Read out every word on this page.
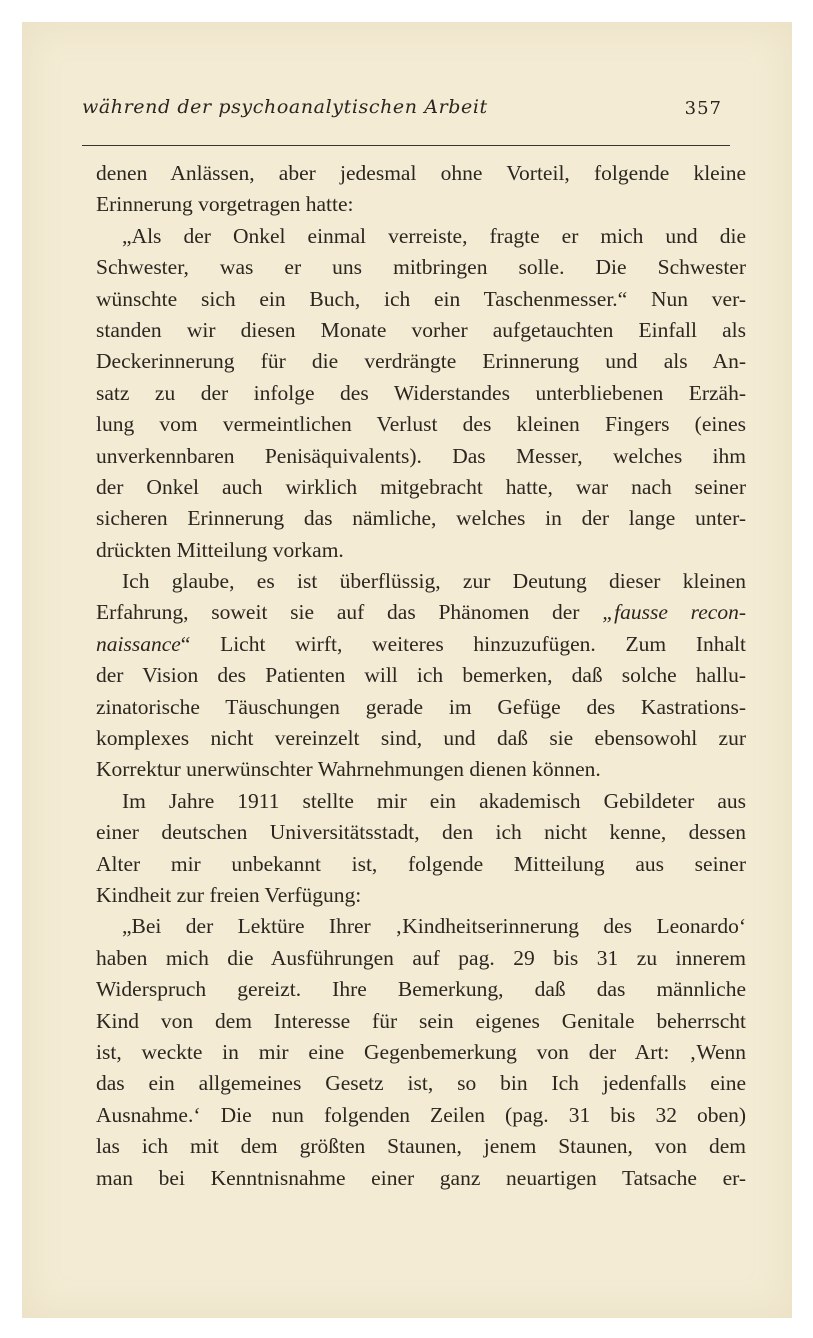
während der psychoanalytischen Arbeit	357

denen Anlässen, aber jedesmal ohne Vorteil, folgende kleine
Erinnerung vorgetragen hatte:

„Als der Onkel einmal verreiste, fragte er mich und die
Schwester, was er uns mitbringen solle. Die Schwester
wünschte sich ein Buch, ich ein Taschenmesser.“ Nun ver-
standen wir diesen Monate vorher aufgetauchten Einfall als
Deckerinnerung für die verdrängte Erinnerung und als An-
satz zu der infolge des Widerstandes unterbliebenen Erzäh-
lung vom vermeintlichen Verlust des kleinen Fingers (eines
unverkennbaren Penisäquivalents). Das Messer, welches ihm
der Onkel auch wirklich mitgebracht hatte, war nach seiner
sicheren Erinnerung das nämliche, welches in der lange unter-
drückten Mitteilung vorkam.

Ich glaube, es ist überflüssig, zur Deutung dieser kleinen
Erfahrung, soweit sie auf das Phänomen der „fausse recon-
naissance“ Licht wirft, weiteres hinzuzufügen. Zum Inhalt
der Vision des Patienten will ich bemerken, daß solche hallu-
zinatorische Täuschungen gerade im Gefüge des Kastrations-
komplexes nicht vereinzelt sind, und daß sie ebensowohl zur
Korrektur unerwünschter Wahrnehmungen dienen können.

Im Jahre 1911 stellte mir ein akademisch Gebildeter aus
einer deutschen Universitätsstadt, den ich nicht kenne, dessen
Alter mir unbekannt ist, folgende Mitteilung aus seiner
Kindheit zur freien Verfügung:

„Bei der Lektüre Ihrer ‚Kindheitserinnerung des Leonardo‘
haben mich die Ausführungen auf pag. 29 bis 31 zu innerem
Widerspruch gereizt. Ihre Bemerkung, daß das männliche
Kind von dem Interesse für sein eigenes Genitale beherrscht
ist, weckte in mir eine Gegenbemerkung von der Art: ‚Wenn
das ein allgemeines Gesetz ist, so bin Ich jedenfalls eine
Ausnahme.‘ Die nun folgenden Zeilen (pag. 31 bis 32 oben)
las ich mit dem größten Staunen, jenem Staunen, von dem
man bei Kenntnisnahme einer ganz neuartigen Tatsache er-
